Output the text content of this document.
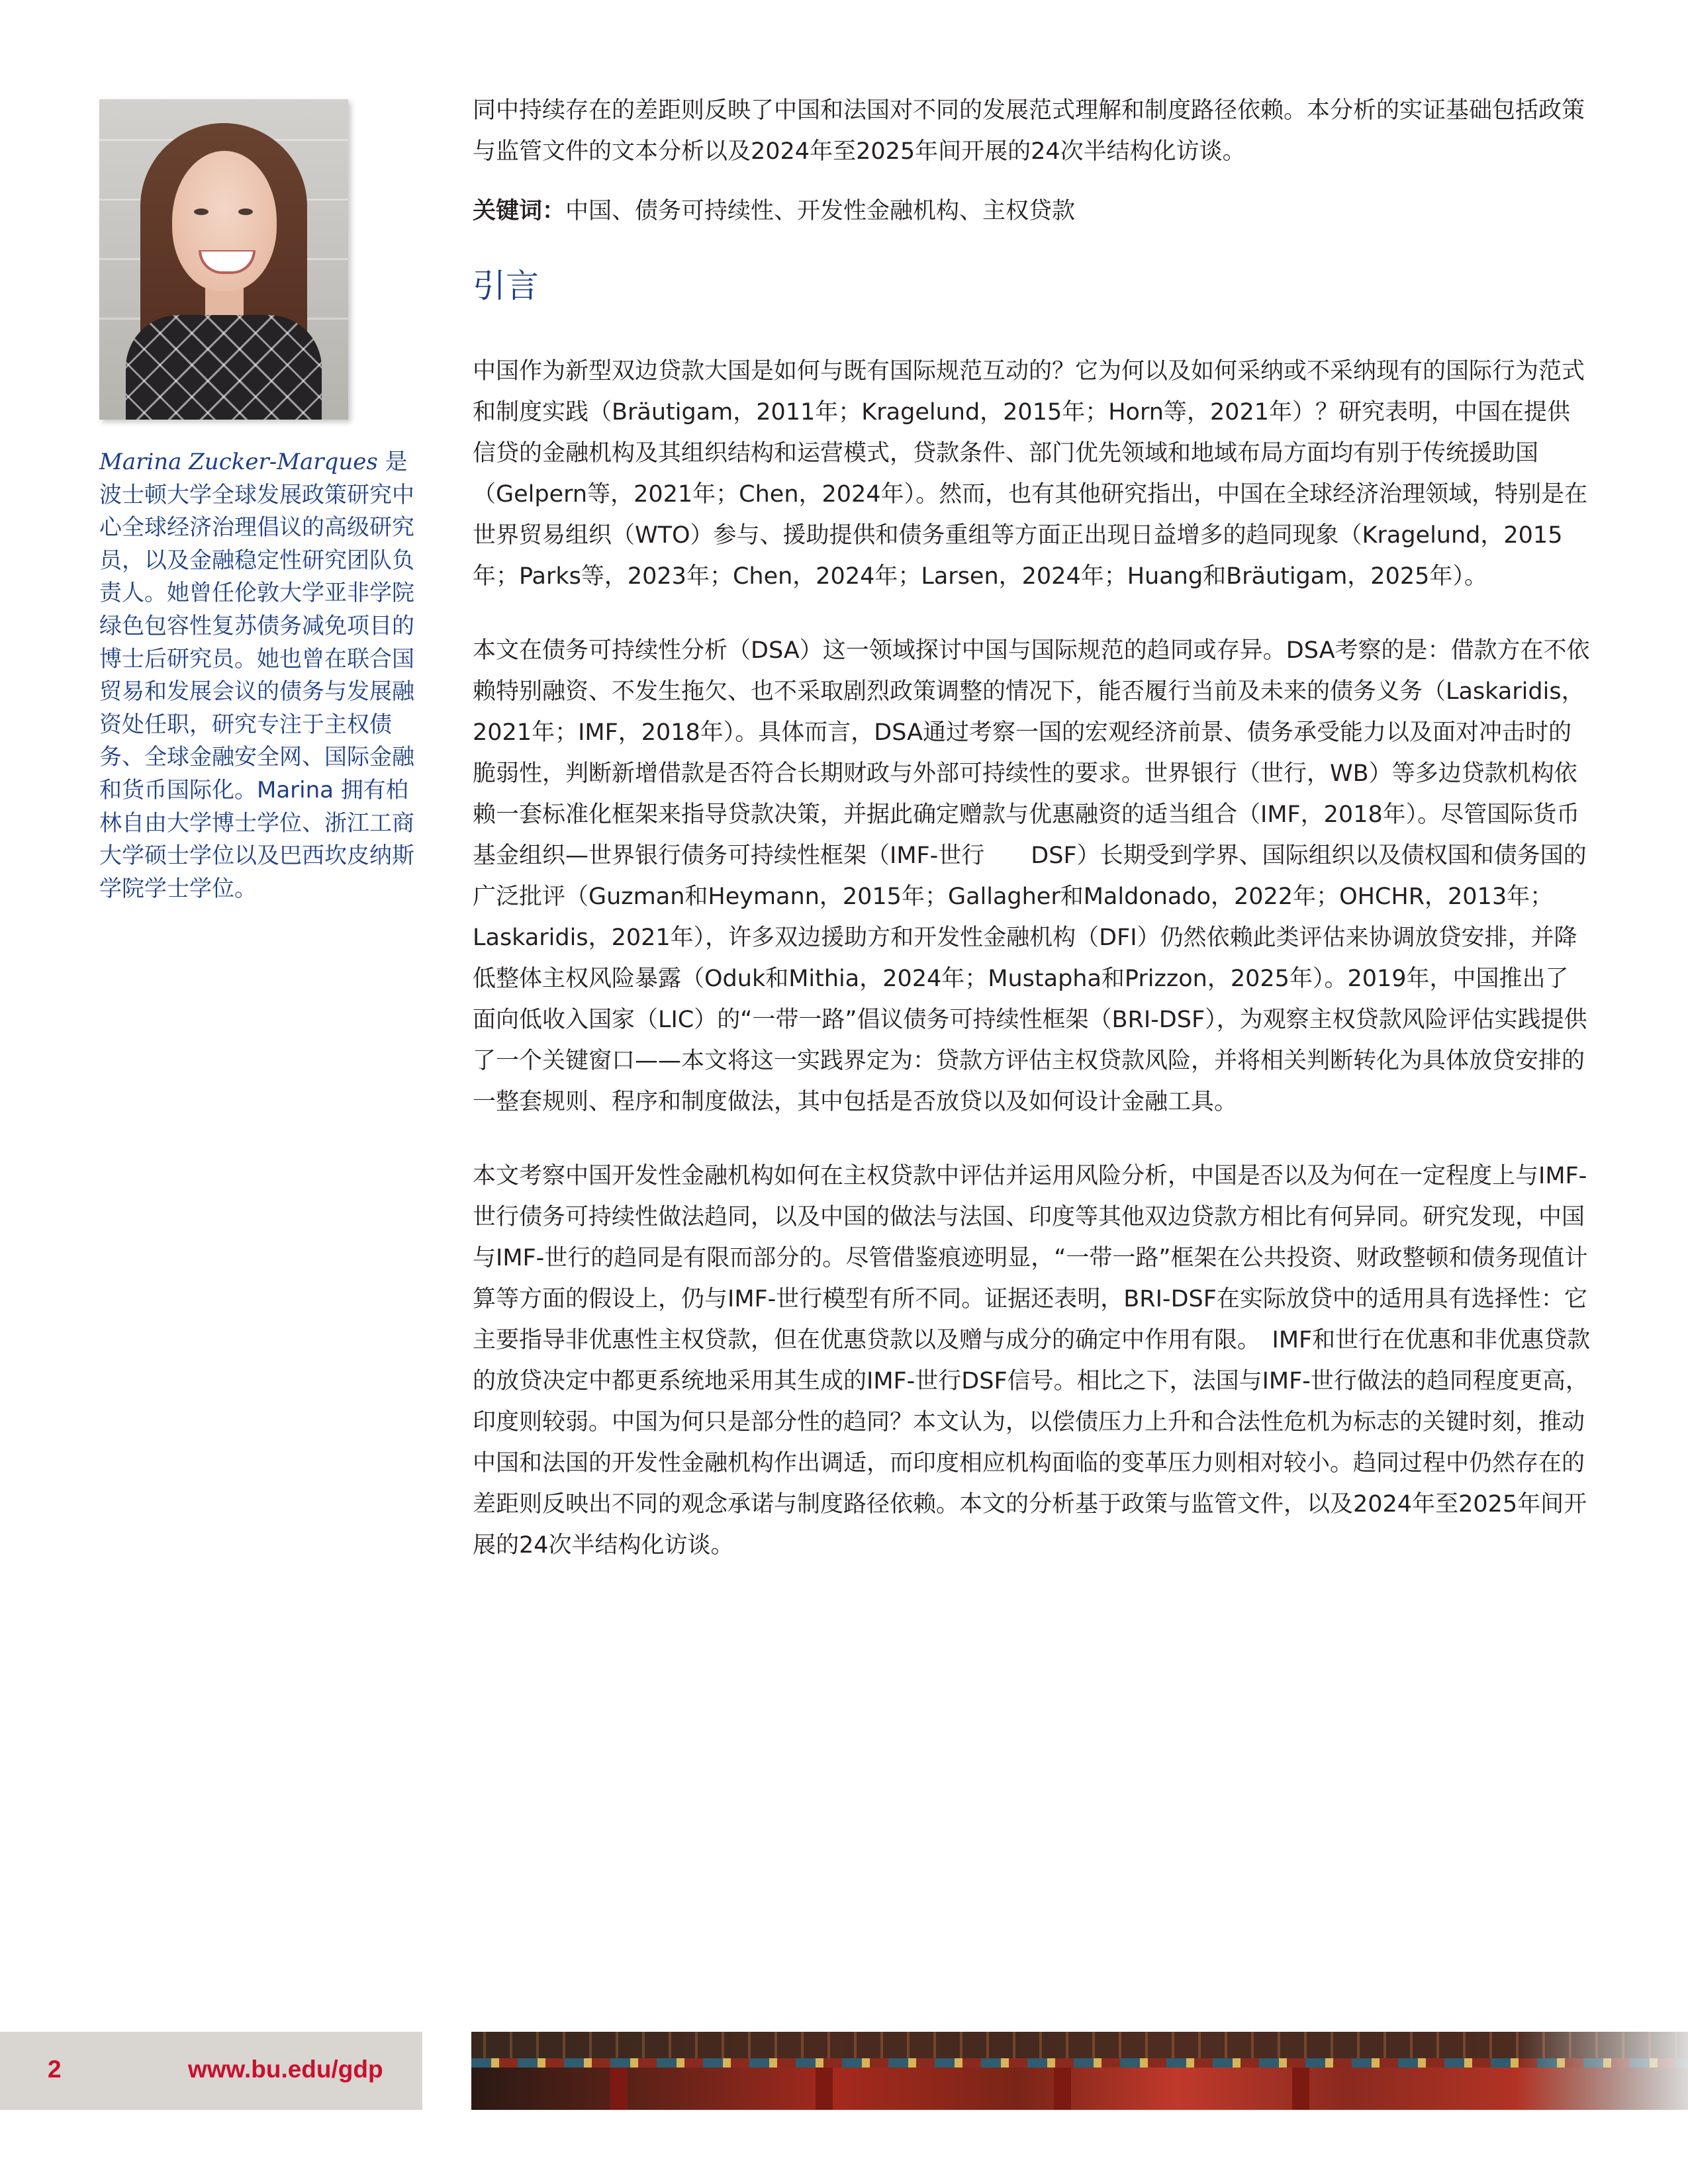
Marina Zucker-Marques 是波士顿大学全球发展政策研究中心全球经济治理倡议的高级研究员，以及金融稳定性研究团队负责人。她曾任伦敦大学亚非学院绿色包容性复苏债务减免项目的博士后研究员。她也曾在联合国贸易和发展会议的债务与发展融资处任职，研究专注于主权债务、全球金融安全网、国际金融和货币国际化。Marina 拥有柏林自由大学博士学位、浙江工商大学硕士学位以及巴西坎皮纳斯学院学士学位。

同中持续存在的差距则反映了中国和法国对不同的发展范式理解和制度路径依赖。本分析的实证基础包括政策与监管文件的文本分析以及2024年至2025年间开展的24次半结构化访谈。

关键词：中国、债务可持续性、开发性金融机构、主权贷款

引言

中国作为新型双边贷款大国是如何与既有国际规范互动的？它为何以及如何采纳或不采纳现有的国际行为范式和制度实践（Bräutigam，2011年；Kragelund，2015年；Horn等，2021年）？研究表明，中国在提供信贷的金融机构及其组织结构和运营模式，贷款条件、部门优先领域和地域布局方面均有别于传统援助国（Gelpern等，2021年；Chen，2024年）。然而，也有其他研究指出，中国在全球经济治理领域，特别是在世界贸易组织（WTO）参与、援助提供和债务重组等方面正出现日益增多的趋同现象（Kragelund，2015年；Parks等，2023年；Chen，2024年；Larsen，2024年；Huang和Bräutigam，2025年）。

本文在债务可持续性分析（DSA）这一领域探讨中国与国际规范的趋同或存异。DSA考察的是：借款方在不依赖特别融资、不发生拖欠、也不采取剧烈政策调整的情况下，能否履行当前及未来的债务义务（Laskaridis，2021年；IMF，2018年）。具体而言，DSA通过考察一国的宏观经济前景、债务承受能力以及面对冲击时的脆弱性，判断新增借款是否符合长期财政与外部可持续性的要求。世界银行（世行，WB）等多边贷款机构依赖一套标准化框架来指导贷款决策，并据此确定赠款与优惠融资的适当组合（IMF，2018年）。尽管国际货币基金组织—世界银行债务可持续性框架（IMF-世行　　DSF）长期受到学界、国际组织以及债权国和债务国的广泛批评（Guzman和Heymann，2015年；Gallagher和Maldonado，2022年；OHCHR，2013年；Laskaridis，2021年），许多双边援助方和开发性金融机构（DFI）仍然依赖此类评估来协调放贷安排，并降低整体主权风险暴露（Oduk和Mithia，2024年；Mustapha和Prizzon，2025年）。2019年，中国推出了面向低收入国家（LIC）的“一带一路”倡议债务可持续性框架（BRI-DSF），为观察主权贷款风险评估实践提供了一个关键窗口——本文将这一实践界定为：贷款方评估主权贷款风险，并将相关判断转化为具体放贷安排的一整套规则、程序和制度做法，其中包括是否放贷以及如何设计金融工具。

本文考察中国开发性金融机构如何在主权贷款中评估并运用风险分析，中国是否以及为何在一定程度上与IMF-世行债务可持续性做法趋同，以及中国的做法与法国、印度等其他双边贷款方相比有何异同。研究发现，中国与IMF-世行的趋同是有限而部分的。尽管借鉴痕迹明显，“一带一路”框架在公共投资、财政整顿和债务现值计算等方面的假设上，仍与IMF-世行模型有所不同。证据还表明，BRI-DSF在实际放贷中的适用具有选择性：它主要指导非优惠性主权贷款，但在优惠贷款以及赠与成分的确定中作用有限。　IMF和世行在优惠和非优惠贷款的放贷决定中都更系统地采用其生成的IMF-世行DSF信号。相比之下，法国与IMF-世行做法的趋同程度更高，印度则较弱。中国为何只是部分性的趋同？本文认为，以偿债压力上升和合法性危机为标志的关键时刻，推动中国和法国的开发性金融机构作出调适，而印度相应机构面临的变革压力则相对较小。趋同过程中仍然存在的差距则反映出不同的观念承诺与制度路径依赖。本文的分析基于政策与监管文件，以及2024年至2025年间开展的24次半结构化访谈。

2	www.bu.edu/gdp
